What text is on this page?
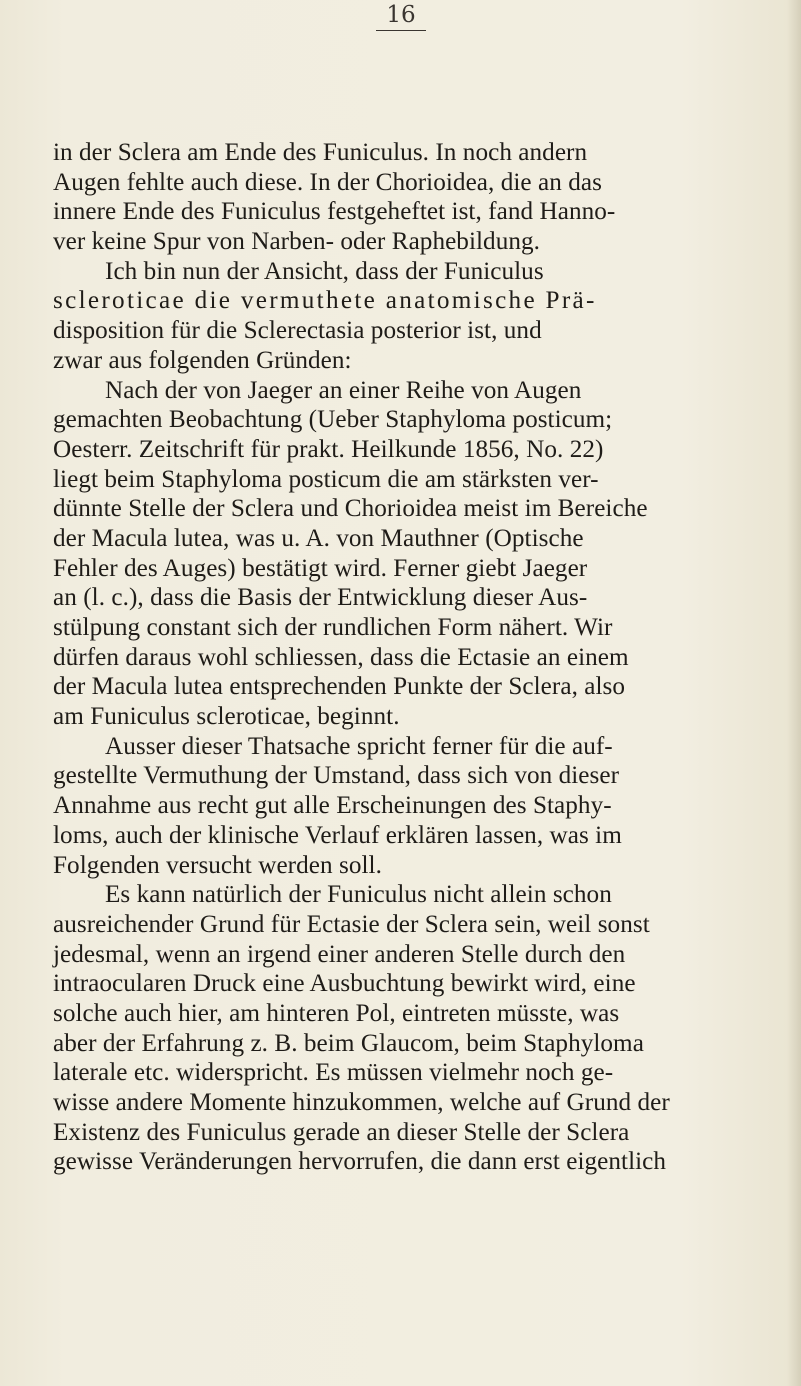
16
in der Sclera am Ende des Funiculus. In noch andern
Augen fehlte auch diese. In der Chorioidea, die an das
innere Ende des Funiculus festgeheftet ist, fand Hanno-
ver keine Spur von Narben- oder Raphebildung.
Ich bin nun der Ansicht, dass der Funiculus
scleroticae die vermuthete anatomische Prä-
disposition für die Sclerectasia posterior ist, und
zwar aus folgenden Gründen:
Nach der von Jaeger an einer Reihe von Augen
gemachten Beobachtung (Ueber Staphyloma posticum;
Oesterr. Zeitschrift für prakt. Heilkunde 1856, No. 22)
liegt beim Staphyloma posticum die am stärksten ver-
dünnte Stelle der Sclera und Chorioidea meist im Bereiche
der Macula lutea, was u. A. von Mauthner (Optische
Fehler des Auges) bestätigt wird. Ferner giebt Jaeger
an (l. c.), dass die Basis der Entwicklung dieser Aus-
stülpung constant sich der rundlichen Form nähert. Wir
dürfen daraus wohl schliessen, dass die Ectasie an einem
der Macula lutea entsprechenden Punkte der Sclera, also
am Funiculus scleroticae, beginnt.
Ausser dieser Thatsache spricht ferner für die auf-
gestellte Vermuthung der Umstand, dass sich von dieser
Annahme aus recht gut alle Erscheinungen des Staphy-
loms, auch der klinische Verlauf erklären lassen, was im
Folgenden versucht werden soll.
Es kann natürlich der Funiculus nicht allein schon
ausreichender Grund für Ectasie der Sclera sein, weil sonst
jedesmal, wenn an irgend einer anderen Stelle durch den
intraocularen Druck eine Ausbuchtung bewirkt wird, eine
solche auch hier, am hinteren Pol, eintreten müsste, was
aber der Erfahrung z. B. beim Glaucom, beim Staphyloma
laterale etc. widerspricht. Es müssen vielmehr noch ge-
wisse andere Momente hinzukommen, welche auf Grund der
Existenz des Funiculus gerade an dieser Stelle der Sclera
gewisse Veränderungen hervorrufen, die dann erst eigentlich
